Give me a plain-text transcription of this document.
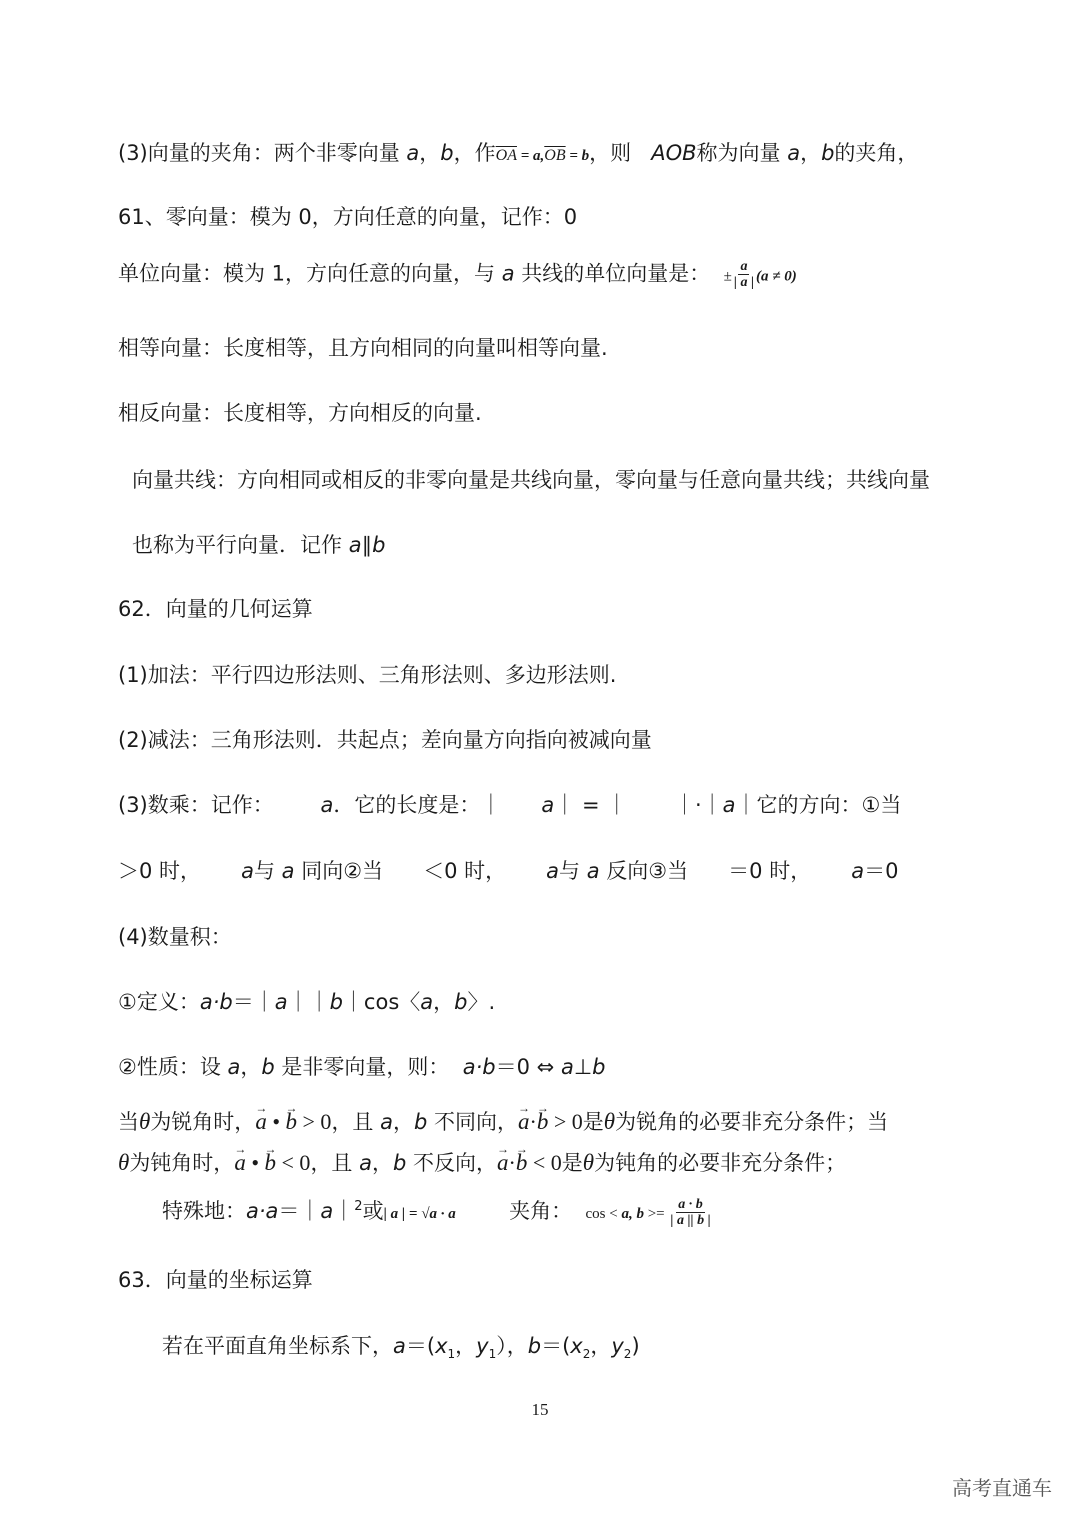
(3)向量的夹角：两个非零向量 a，b，作$\overline{OA} = a,\overline{OB} = b$，则   AOB称为向量 a，b的夹角，
61、零向量：模为 0，方向任意的向量，记作：0
单位向量：模为 1，方向任意的向量，与 a 共线的单位向量是：  ± $\frac{a}{| a |} (a \ne 0)$
相等向量：长度相等，且方向相同的向量叫相等向量.
相反向量：长度相等，方向相反的向量.
向量共线：方向相同或相反的非零向量是共线向量，零向量与任意向量共线；共线向量
也称为平行向量．记作 a∥b
62．向量的几何运算
(1)加法：平行四边形法则、三角形法则、多边形法则.
(2)减法：三角形法则．共起点；差向量方向指向被减向量
(3)数乘：记作：       a．它的长度是：｜      a｜ = ｜       ｜·｜a｜它的方向：①当
＞0 时，      a与 a 同向②当      ＜0 时，      a与 a 反向③当      ＝0 时，      a＝0
(4)数量积：
①定义：a·b＝｜a｜｜b｜cos〈a，b〉.
②性质：设 a，b 是非零向量，则：  a·b＝0 ⇔ a⊥b
当θ为锐角时，→ a • → b > 0，且 a，b 不同向，→ a·→ b > 0是θ为锐角的必要非充分条件；当
θ为钝角时，→ a • → b < 0，且 a，b 不反向，→ a·→ b < 0是θ为钝角的必要非充分条件；
特殊地：a·a＝｜a｜$^2$或| a | = √a · a        夹角：  cos < a, $b >= \frac{a \cdot b}{| a || b |}$
63．向量的坐标运算
若在平面直角坐标系下，$a=(x_1$，$y_1$），$b=(x_2$，$y_2$)
15
高考直通车
